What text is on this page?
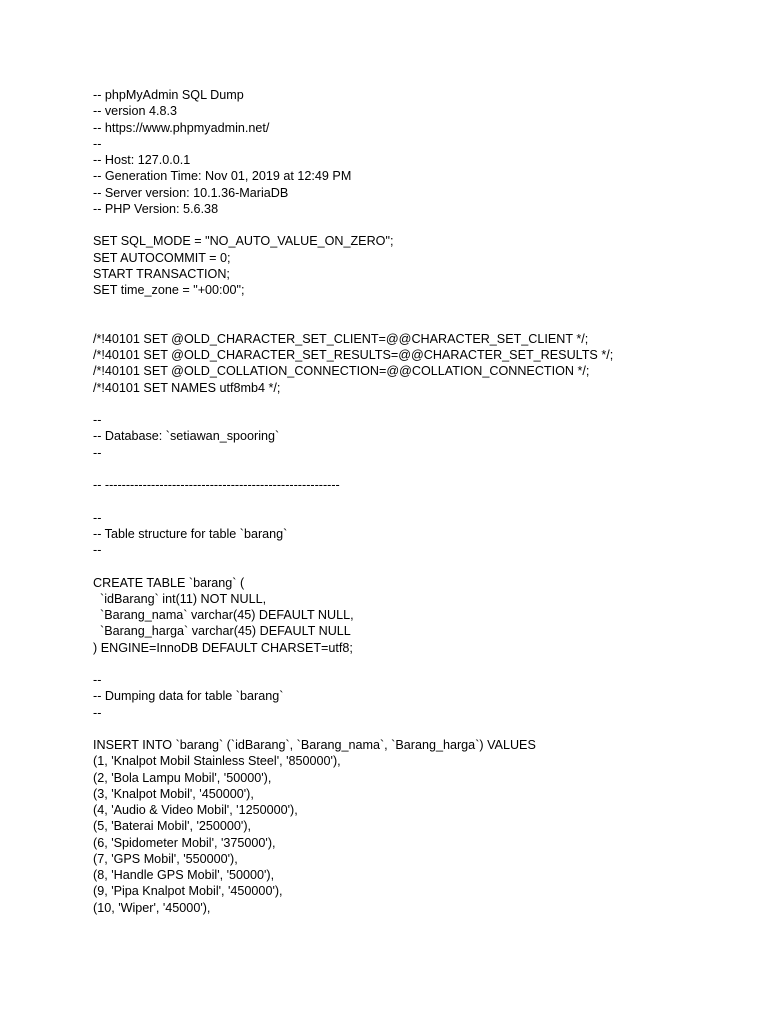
-- phpMyAdmin SQL Dump
-- version 4.8.3
-- https://www.phpmyadmin.net/
--
-- Host: 127.0.0.1
-- Generation Time: Nov 01, 2019 at 12:49 PM
-- Server version: 10.1.36-MariaDB
-- PHP Version: 5.6.38
SET SQL_MODE = "NO_AUTO_VALUE_ON_ZERO";
SET AUTOCOMMIT = 0;
START TRANSACTION;
SET time_zone = "+00:00";
/*!40101 SET @OLD_CHARACTER_SET_CLIENT=@@CHARACTER_SET_CLIENT */;
/*!40101 SET @OLD_CHARACTER_SET_RESULTS=@@CHARACTER_SET_RESULTS */;
/*!40101 SET @OLD_COLLATION_CONNECTION=@@COLLATION_CONNECTION */;
/*!40101 SET NAMES utf8mb4 */;
--
-- Database: `setiawan_spooring`
--
-- --------------------------------------------------------
--
-- Table structure for table `barang`
--
CREATE TABLE `barang` (
`idBarang` int(11) NOT NULL,
`Barang_nama` varchar(45) DEFAULT NULL,
`Barang_harga` varchar(45) DEFAULT NULL
) ENGINE=InnoDB DEFAULT CHARSET=utf8;
--
-- Dumping data for table `barang`
--
INSERT INTO `barang` (`idBarang`, `Barang_nama`, `Barang_harga`) VALUES
(1, 'Knalpot Mobil Stainless Steel', '850000'),
(2, 'Bola Lampu Mobil', '50000'),
(3, 'Knalpot Mobil', '450000'),
(4, 'Audio & Video Mobil', '1250000'),
(5, 'Baterai Mobil', '250000'),
(6, 'Spidometer Mobil', '375000'),
(7, 'GPS Mobil', '550000'),
(8, 'Handle GPS Mobil', '50000'),
(9, 'Pipa Knalpot Mobil', '450000'),
(10, 'Wiper', '45000'),
